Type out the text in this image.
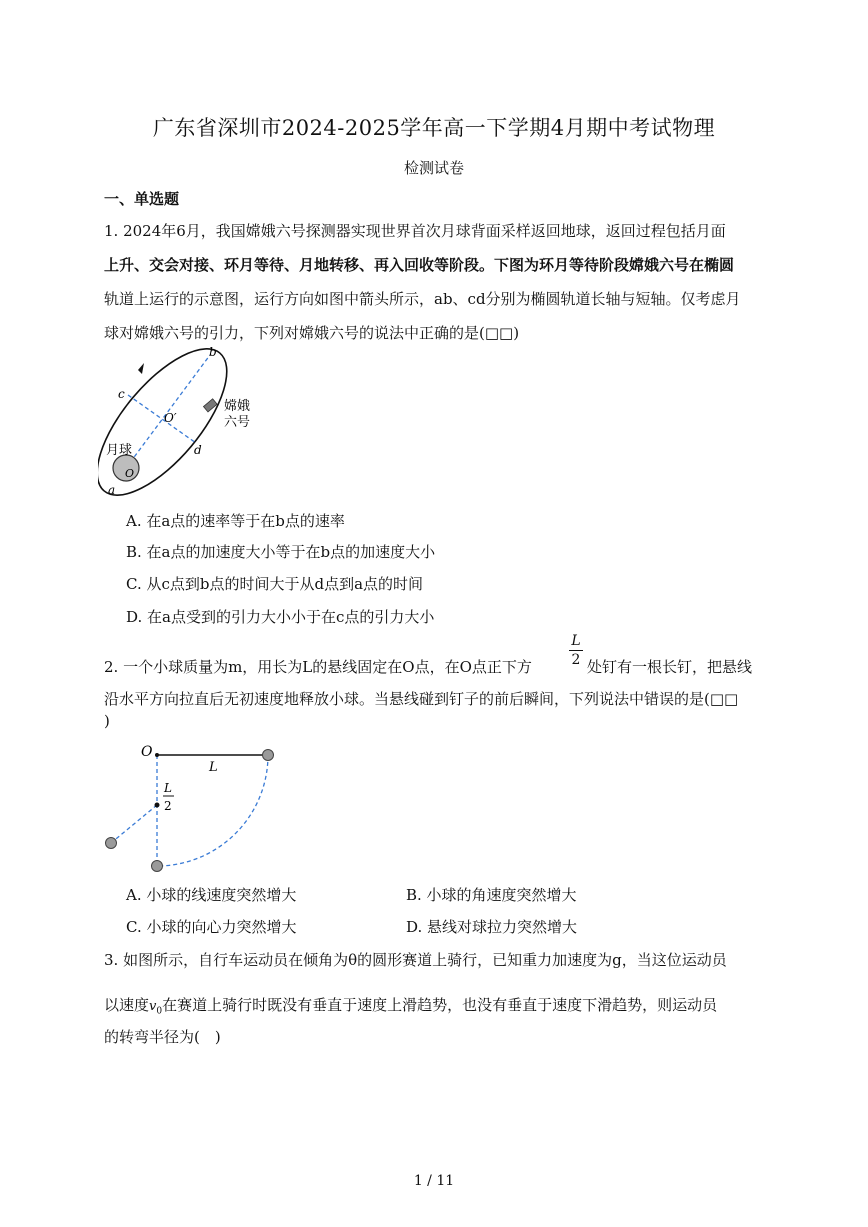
广东省深圳市2024-2025学年高一下学期4月期中考试物理
检测试卷
一、单选题
1. 2024年6月，我国嫦娥六号探测器实现世界首次月球背面采样返回地球，返回过程包括月面
上升、交会对接、环月等待、月地转移、再入回收等阶段。下图为环月等待阶段嫦娥六号在椭圆
轨道上运行的示意图，运行方向如图中箭头所示，ab、cd分别为椭圆轨道长轴与短轴。仅考虑月
球对嫦娥六号的引力，下列对嫦娥六号的说法中正确的是(□□)
b
c
O′
d
a
O
月球
嫦娥
六号
A. 在a点的速率等于在b点的速率
B. 在a点的加速度大小等于在b点的加速度大小
C. 从c点到b点的时间大于从d点到a点的时间
D. 在a点受到的引力大小小于在c点的引力大小
2. 一个小球质量为m，用长为L的悬线固定在O点，在O点正下方
L
2 处钉有一根长钉，把悬线
沿水平方向拉直后无初速度地释放小球。当悬线碰到钉子的前后瞬间，下列说法中错误的是(□□
)
O
L
L
2
A. 小球的线速度突然增大	B. 小球的角速度突然增大
C. 小球的向心力突然增大	D. 悬线对球拉力突然增大
3. 如图所示，自行车运动员在倾角为θ的圆形赛道上骑行，已知重力加速度为g，当这位运动员
以速度$v_0$在赛道上骑行时既没有垂直于速度上滑趋势，也没有垂直于速度下滑趋势，则运动员
的转弯半径为(　)
1 / 11
